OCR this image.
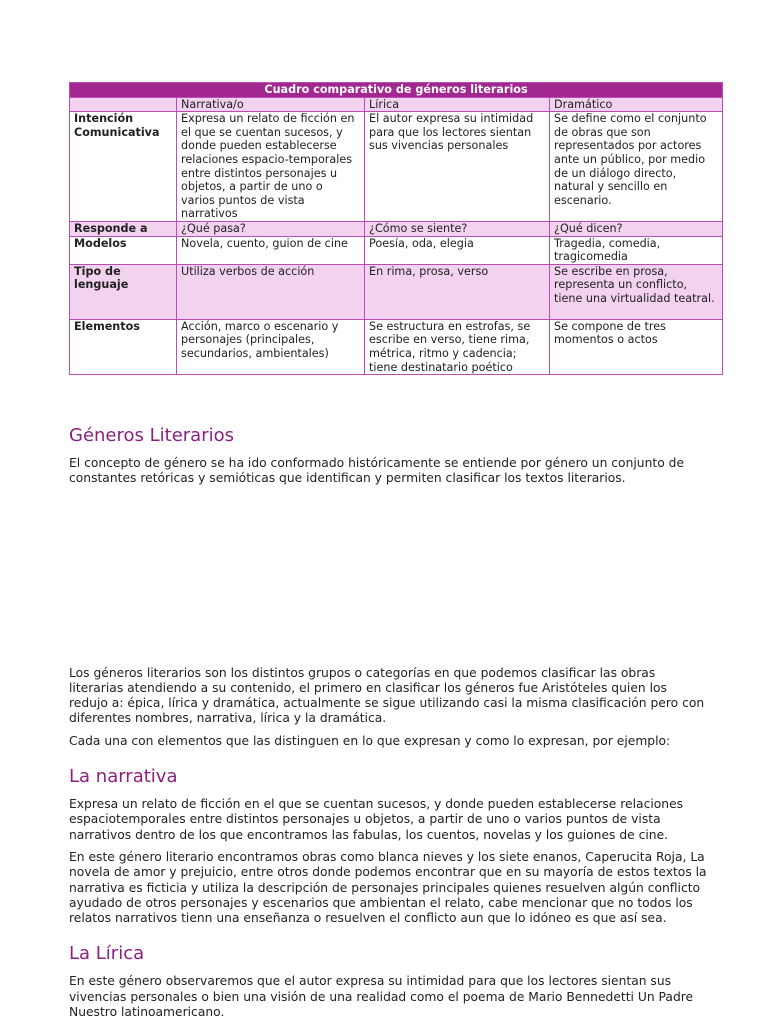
Cuadro comparativo de géneros literarios			
	Narrativa/o	Lírica	Dramático
Intención Comunicativa	Expresa un relato de ficción en el que se cuentan sucesos, y donde pueden establecerse relaciones espacio-temporales entre distintos personajes u objetos, a partir de uno o varios puntos de vista narrativos	El autor expresa su intimidad para que los lectores sientan sus vivencias personales	Se define como el conjunto de obras que son representados por actores ante un público, por medio de un diálogo directo, natural y sencillo en escenario.
Responde a	¿Qué pasa?	¿Cómo se siente?	¿Qué dicen?
Modelos	Novela, cuento, guion de cine	Poesía, oda, elegia	Tragedia, comedia, tragicomedia
Tipo de lenguaje	Utiliza verbos de acción	En rima, prosa, verso	Se escribe en prosa, representa un conflicto, tiene una virtualidad teatral.
Elementos	Acción, marco o escenario y personajes (principales, secundarios, ambientales)	Se estructura en estrofas, se escribe en verso, tiene rima, métrica, ritmo y cadencia; tiene destinatario poético	Se compone de tres momentos o actos
Géneros Literarios

El concepto de género se ha ido conformado históricamente se entiende por género un conjunto de constantes retóricas y semióticas que identifican y permiten clasificar los textos literarios.

Los géneros literarios son los distintos grupos o categorías en que podemos clasificar las obras literarias atendiendo a su contenido, el primero en clasificar los géneros fue Aristóteles quien los redujo a: épica, lírica y dramática, actualmente se sigue utilizando casi la misma clasificación pero con diferentes nombres, narrativa, lírica y la dramática.

Cada una con elementos que las distinguen en lo que expresan y como lo expresan, por ejemplo:

La narrativa

Expresa un relato de ficción en el que se cuentan sucesos, y donde pueden establecerse relaciones espaciotemporales entre distintos personajes u objetos, a partir de uno o varios puntos de vista narrativos dentro de los que encontramos las fabulas, los cuentos, novelas y los guiones de cine.

En este género literario encontramos obras como blanca nieves y los siete enanos, Caperucita Roja, La novela de amor y prejuicio, entre otros donde podemos encontrar que en su mayoría de estos textos la narrativa es ficticia y utiliza la descripción de personajes principales quienes resuelven algún conflicto ayudado de otros personajes y escenarios que ambientan el relato, cabe mencionar que no todos los relatos narrativos tienn una enseñanza o resuelven el conflicto aun que lo idóneo es que así sea.

La Lírica

En este género observaremos que el autor expresa su intimidad para que los lectores sientan sus vivencias personales o bien una visión de una realidad como el poema de Mario Bennedetti Un Padre Nuestro latinoamericano.
